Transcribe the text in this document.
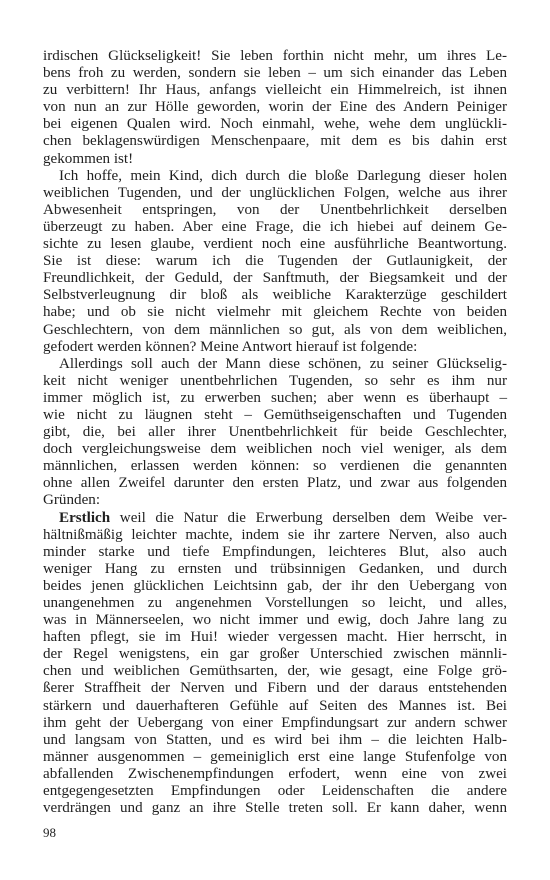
irdischen Glückseligkeit! Sie leben forthin nicht mehr, um ihres Le-
bens froh zu werden, sondern sie leben – um sich einander das Leben
zu verbittern! Ihr Haus, anfangs vielleicht ein Himmelreich, ist ihnen
von nun an zur Hölle geworden, worin der Eine des Andern Peiniger
bei eigenen Qualen wird. Noch einmahl, wehe, wehe dem unglückli-
chen beklagenswürdigen Menschenpaare, mit dem es bis dahin erst
gekommen ist!
Ich hoffe, mein Kind, dich durch die bloße Darlegung dieser holen
weiblichen Tugenden, und der unglücklichen Folgen, welche aus ihrer
Abwesenheit entspringen, von der Unentbehrlichkeit derselben
überzeugt zu haben. Aber eine Frage, die ich hiebei auf deinem Ge-
sichte zu lesen glaube, verdient noch eine ausführliche Beantwortung.
Sie ist diese: warum ich die Tugenden der Gutlaunigkeit, der
Freundlichkeit, der Geduld, der Sanftmuth, der Biegsamkeit und der
Selbstverleugnung dir bloß als weibliche Karakterzüge geschildert
habe; und ob sie nicht vielmehr mit gleichem Rechte von beiden
Geschlechtern, von dem männlichen so gut, als von dem weiblichen,
gefodert werden können? Meine Antwort hierauf ist folgende:
Allerdings soll auch der Mann diese schönen, zu seiner Glückselig-
keit nicht weniger unentbehrlichen Tugenden, so sehr es ihm nur
immer möglich ist, zu erwerben suchen; aber wenn es überhaupt –
wie nicht zu läugnen steht – Gemüthseigenschaften und Tugenden
gibt, die, bei aller ihrer Unentbehrlichkeit für beide Geschlechter,
doch vergleichungsweise dem weiblichen noch viel weniger, als dem
männlichen, erlassen werden können: so verdienen die genannten
ohne allen Zweifel darunter den ersten Platz, und zwar aus folgenden
Gründen:
Erstlich weil die Natur die Erwerbung derselben dem Weibe ver-
hältnißmäßig leichter machte, indem sie ihr zartere Nerven, also auch
minder starke und tiefe Empfindungen, leichteres Blut, also auch
weniger Hang zu ernsten und trübsinnigen Gedanken, und durch
beides jenen glücklichen Leichtsinn gab, der ihr den Uebergang von
unangenehmen zu angenehmen Vorstellungen so leicht, und alles,
was in Männerseelen, wo nicht immer und ewig, doch Jahre lang zu
haften pflegt, sie im Hui! wieder vergessen macht. Hier herrscht, in
der Regel wenigstens, ein gar großer Unterschied zwischen männli-
chen und weiblichen Gemüthsarten, der, wie gesagt, eine Folge grö-
ßerer Straffheit der Nerven und Fibern und der daraus entstehenden
stärkern und dauerhafteren Gefühle auf Seiten des Mannes ist. Bei
ihm geht der Uebergang von einer Empfindungsart zur andern schwer
und langsam von Statten, und es wird bei ihm – die leichten Halb-
männer ausgenommen – gemeiniglich erst eine lange Stufenfolge von
abfallenden Zwischenempfindungen erfodert, wenn eine von zwei
entgegengesetzten Empfindungen oder Leidenschaften die andere
verdrängen und ganz an ihre Stelle treten soll. Er kann daher, wenn
98
